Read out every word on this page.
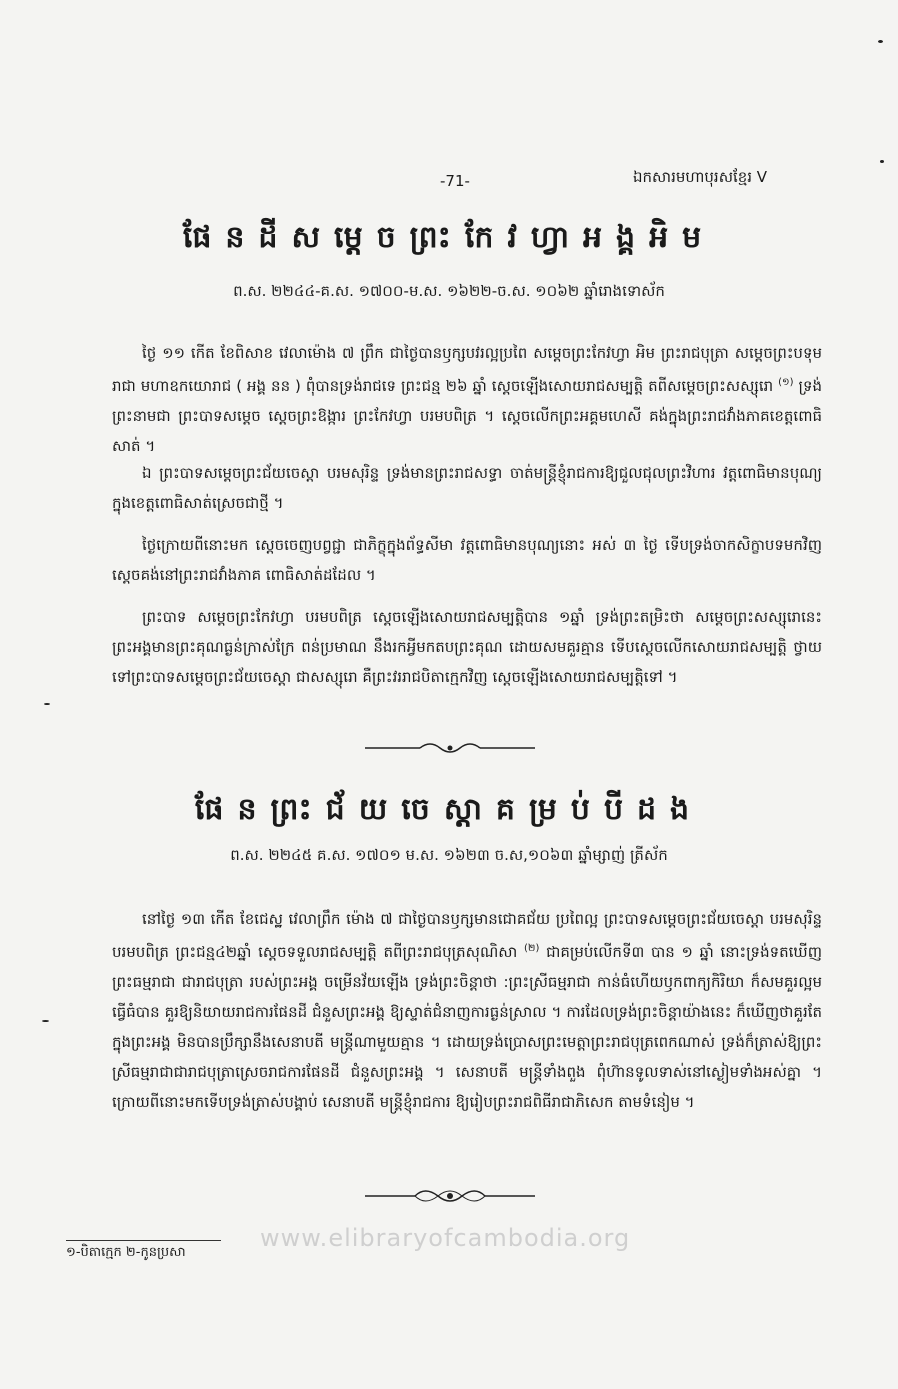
-71-	ឯកសារមហាបុរសខ្មែរ V
ផែនដីសម្តេចព្រះកែវហ្វាអង្គអិម
ព.ស. ២២៤៤-គ.ស. ១៧០០-ម.ស. ១៦២២-ច.ស. ១០៦២ ឆ្នាំរោងទោស័ក
ថ្ងៃ ១១ កើត ខែពិសាខ វេលាម៉ោង ៧ ព្រឹក ជាថ្ងៃបានឫក្សបវរល្អប្រពៃ សម្តេចព្រះកែវហ្វា អិម ព្រះរាជបុត្រា សម្តេចព្រះបទុមរាជា មហាឧកយោរាជ ( អង្គ នន ) ពុំបានទ្រង់រាជទេ ព្រះជន្ម ២៦ ឆ្នាំ ស្តេចឡើងសោយរាជសម្បត្តិ តពីសម្តេចព្រះសស្សុរោ $^{(១)}$ ទ្រង់ព្រះនាមជា ព្រះបាទសម្តេច ស្តេចព្រះឱង្ការ ព្រះកែវហ្វា បរមបពិត្រ ។ ស្តេចលើកព្រះអគ្គមហេសី គង់ក្នុងព្រះរាជវាំងភាគខេត្តពោធិសាត់ ។
ឯ ព្រះបាទសម្តេចព្រះជ័យចេស្តា បរមសុរិន្ទ ទ្រង់មានព្រះរាជសទ្ធា ចាត់មន្ត្រីខ្ញុំរាជការឱ្យជួលជុលព្រះវិហារ វត្តពោធិមានបុណ្យ ក្នុងខេត្តពោធិសាត់ស្រេចជាថ្មី ។
ថ្ងៃក្រោយពីនោះមក ស្តេចចេញបព្វជ្ជា ជាភិក្ខុក្នុងព័ទ្ធសីមា វត្តពោធិមានបុណ្យនោះ អស់ ៣ ថ្ងៃ ទើបទ្រង់ចាកសិក្ខាបទមកវិញ ស្តេចគង់នៅព្រះរាជវាំងភាគ ពោធិសាត់ដដែល ។
ព្រះបាទ សម្តេចព្រះកែវហ្វា បរមបពិត្រ ស្តេចឡើងសោយរាជសម្បត្តិបាន ១ឆ្នាំ ទ្រង់ព្រះតម្រិះថា សម្តេចព្រះសស្សុរោនេះ ព្រះអង្គមានព្រះគុណធ្ងន់ក្រាស់ក្រែ ពន់ប្រមាណ នឹងរកអ្វីមកតបព្រះគុណ ដោយសមគួរគ្មាន ទើបស្តេចលើកសោយរាជសម្បត្តិ ថ្វាយទៅព្រះបាទសម្តេចព្រះជ័យចេស្តា ជាសស្សុរោ គឺព្រះវររាជបិតាក្មេកវិញ ស្តេចឡើងសោយរាជសម្បត្តិទៅ ។
ផែនព្រះជ័យចេស្តាគម្រប់បីដង
ព.ស. ២២៤៥ គ.ស. ១៧០១ ម.ស. ១៦២៣ ច.ស,១០៦៣ ឆ្នាំម្សាញ់ ត្រីស័ក
នៅថ្ងៃ ១៣ កើត ខែជេស្ឋ វេលាព្រឹក ម៉ោង ៧ ជាថ្ងៃបានឫក្សមានជោគជ័យ ប្រពៃល្អ ព្រះបាទសម្តេចព្រះជ័យចេស្តា បរមសុរិន្ទ បរមបពិត្រ ព្រះជន្ម៤២ឆ្នាំ ស្តេចទទួលរាជសម្បត្តិ តពីព្រះរាជបុត្រសុណិសា $^{(២)}$ ជាគម្រប់លើកទី៣ បាន ១ ឆ្នាំ នោះទ្រង់ទតឃើញ ព្រះធម្មរាជា ជារាជបុត្រា របស់ព្រះអង្គ ចម្រើនវ័យឡើង ទ្រង់ព្រះចិន្តាថា :ព្រះស្រីធម្មរាជា កាន់ធំហើយឫកពាក្យកិរិយា ក៏សមគួរល្អមធ្វើធំបាន គួរឱ្យនិយាយរាជការផែនដី ជំនួសព្រះអង្គ ឱ្យស្ទាត់ជំនាញការធ្ងន់ស្រាល ។ ការដែលទ្រង់ព្រះចិន្តាយ៉ាងនេះ ក៏ឃើញថាគួរតែក្នុងព្រះអង្គ មិនបានប្រឹក្សានឹងសេនាបតី មន្ត្រីណាមួយគ្មាន ។ ដោយទ្រង់ប្រោសព្រះមេត្តាព្រះរាជបុត្រពេកណាស់ ទ្រង់ក៏ត្រាស់ឱ្យព្រះស្រីធម្មរាជាជារាជបុត្រាស្រេចរាជការផែនដី ជំនួសព្រះអង្គ ។ សេនាបតី មន្ត្រីទាំងពួង ពុំហ៊ានទូលទាស់នៅស្ងៀមទាំងអស់គ្នា ។ ក្រោយពីនោះមកទើបទ្រង់ត្រាស់បង្គាប់ សេនាបតី មន្ត្រីខ្ញុំរាជការ ឱ្យរៀបព្រះរាជពិធីរាជាភិសេក តាមទំនៀម ។
www.elibraryofcambodia.org
១-បិតាក្មេក ២-កូនប្រសា
